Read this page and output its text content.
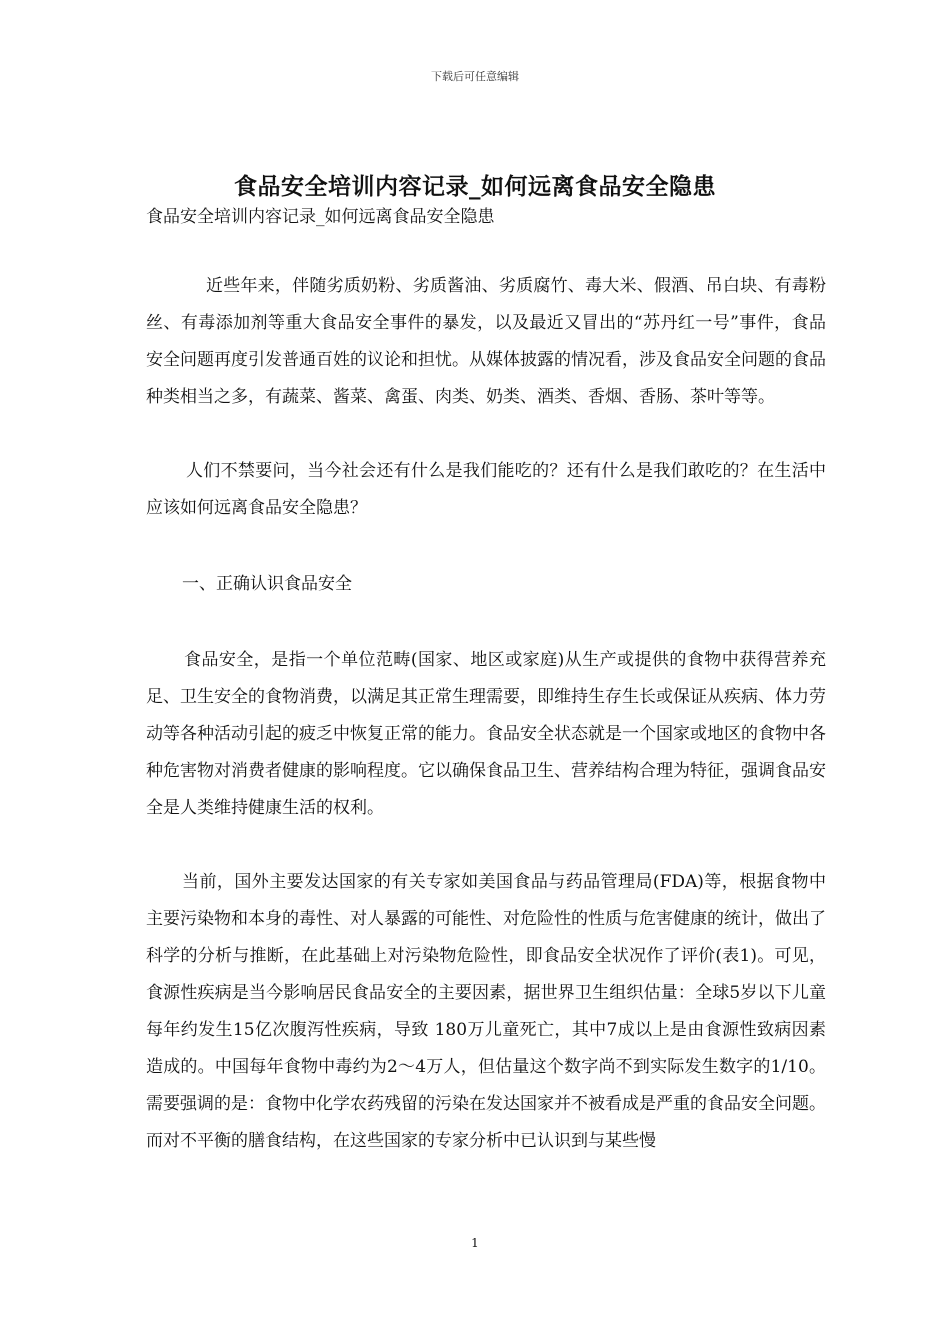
下载后可任意编辑
食品安全培训内容记录_如何远离食品安全隐患
食品安全培训内容记录_如何远离食品安全隐患

近些年来，伴随劣质奶粉、劣质酱油、劣质腐竹、毒大米、假酒、吊白块、有毒粉丝、有毒添加剂等重大食品安全事件的暴发，以及最近又冒出的“苏丹红一号”事件，食品安全问题再度引发普通百姓的议论和担忧。从媒体披露的情况看，涉及食品安全问题的食品种类相当之多，有蔬菜、酱菜、禽蛋、肉类、奶类、酒类、香烟、香肠、茶叶等等。

人们不禁要问，当今社会还有什么是我们能吃的？还有什么是我们敢吃的？在生活中应该如何远离食品安全隐患？

一、正确认识食品安全

食品安全，是指一个单位范畴(国家、地区或家庭)从生产或提供的食物中获得营养充足、卫生安全的食物消费，以满足其正常生理需要，即维持生存生长或保证从疾病、体力劳动等各种活动引起的疲乏中恢复正常的能力。食品安全状态就是一个国家或地区的食物中各种危害物对消费者健康的影响程度。它以确保食品卫生、营养结构合理为特征，强调食品安全是人类维持健康生活的权利。

当前，国外主要发达国家的有关专家如美国食品与药品管理局(FDA)等，根据食物中主要污染物和本身的毒性、对人暴露的可能性、对危险性的性质与危害健康的统计，做出了科学的分析与推断，在此基础上对污染物危险性，即食品安全状况作了评价(表1)。可见，食源性疾病是当今影响居民食品安全的主要因素，据世界卫生组织估量：全球5岁以下儿童每年约发生15亿次腹泻性疾病，导致 180万儿童死亡，其中7成以上是由食源性致病因素造成的。中国每年食物中毒约为2～4万人，但估量这个数字尚不到实际发生数字的1/10。需要强调的是：食物中化学农药残留的污染在发达国家并不被看成是严重的食品安全问题。而对不平衡的膳食结构，在这些国家的专家分析中已认识到与某些慢

1
